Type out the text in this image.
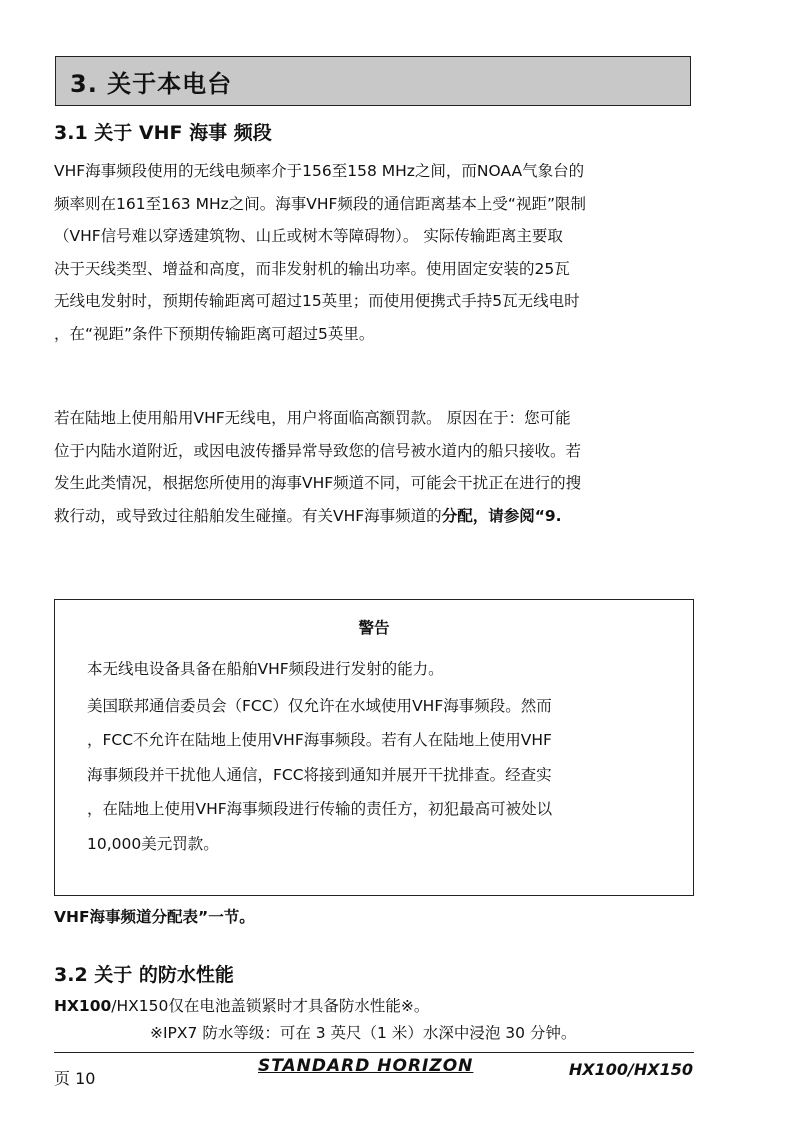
3. 关于本电台
3.1 关于 VHF 海事 频段

VHF海事频段使用的无线电频率介于156至158 MHz之间，而NOAA气象台的

频率则在161至163 MHz之间。海事VHF频段的通信距离基本上受“视距”限制

（VHF信号难以穿透建筑物、山丘或树木等障碍物）。 实际传输距离主要取

决于天线类型、增益和高度，而非发射机的输出功率。使用固定安装的25瓦

无线电发射时，预期传输距离可超过15英里；而使用便携式手持5瓦无线电时

，在“视距”条件下预期传输距离可超过5英里。

若在陆地上使用船用VHF无线电，用户将面临高额罚款。 原因在于：您可能

位于内陆水道附近，或因电波传播异常导致您的信号被水道内的船只接收。若

发生此类情况，根据您所使用的海事VHF频道不同，可能会干扰正在进行的搜

救行动，或导致过往船舶发生碰撞。有关VHF海事频道的分配，请参阅“9.

警告

本无线电设备具备在船舶VHF频段进行发射的能力。

美国联邦通信委员会（FCC）仅允许在水域使用VHF海事频段。然而

，FCC不允许在陆地上使用VHF海事频段。若有人在陆地上使用VHF

海事频段并干扰他人通信，FCC将接到通知并展开干扰排查。经查实

，在陆地上使用VHF海事频段进行传输的责任方，初犯最高可被处以

10,000美元罚款。

VHF海事频道分配表”一节。
3.2 关于 的防水性能
HX100/HX150仅在电池盖锁紧时才具备防水性能※。
※IPX7 防水等级：可在 3 英尺（1 米）水深中浸泡 30 分钟。
页 10
STANDARD HORIZON	HX100/HX150
